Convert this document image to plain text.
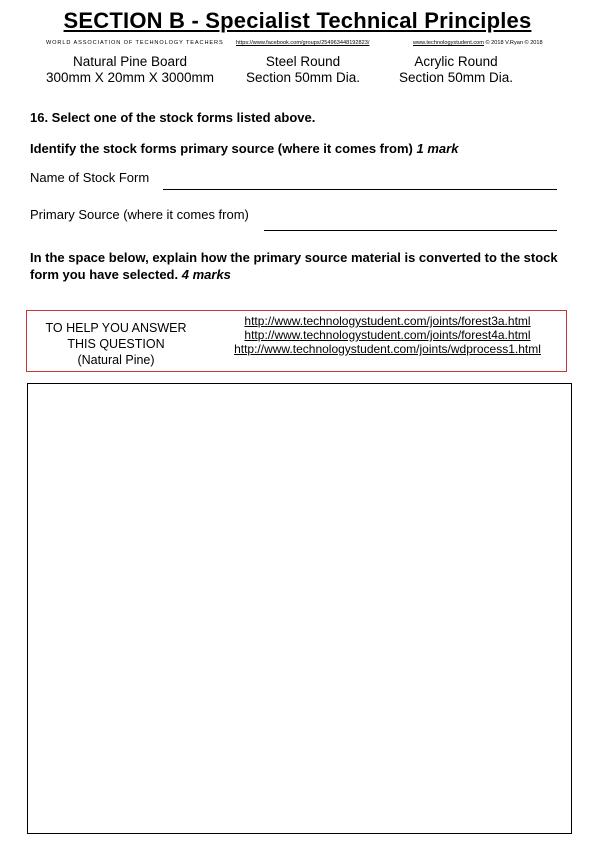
SECTION B - Specialist Technical Principles
WORLD ASSOCIATION OF TECHNOLOGY TEACHERS https://www.facebook.com/groups/254963448192823/	www.technologystudent.com © 2018 V.Ryan © 2018
Natural Pine Board
300mm X 20mm X 3000mm
Steel Round
Section 50mm Dia.
Acrylic Round
Section 50mm Dia.
16. Select one of the stock forms listed above.
Identify the stock forms primary source (where it comes from) 1 mark
Name of Stock Form
Primary Source (where it comes from)
In the space below, explain how the primary source material is converted to the stock form you have selected. 4 marks
TO HELP YOU ANSWER
THIS QUESTION
(Natural Pine)
http://www.technologystudent.com/joints/forest3a.html
http://www.technologystudent.com/joints/forest4a.html
http://www.technologystudent.com/joints/wdprocess1.html
